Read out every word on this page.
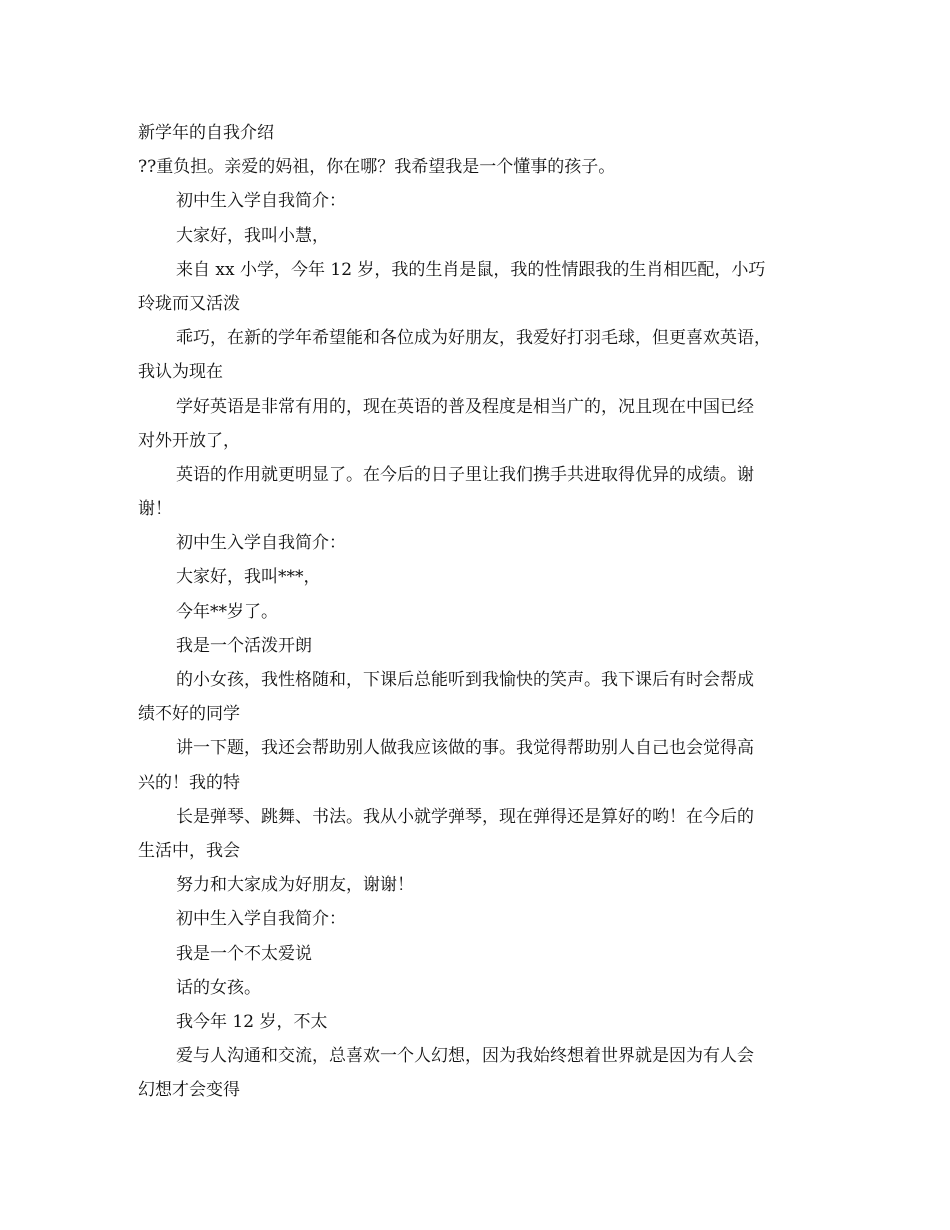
新学年的自我介绍
??重负担。亲爱的妈祖，你在哪？我希望我是一个懂事的孩子。
初中生入学自我简介：
大家好，我叫小慧，
来自 xx 小学，今年 12 岁，我的生肖是鼠，我的性情跟我的生肖相匹配，小巧
玲珑而又活泼
乖巧，在新的学年希望能和各位成为好朋友，我爱好打羽毛球，但更喜欢英语，
我认为现在
学好英语是非常有用的，现在英语的普及程度是相当广的，况且现在中国已经
对外开放了，
英语的作用就更明显了。在今后的日子里让我们携手共进取得优异的成绩。谢
谢！
初中生入学自我简介：
大家好，我叫***，
今年**岁了。
我是一个活泼开朗
的小女孩，我性格随和，下课后总能听到我愉快的笑声。我下课后有时会帮成
绩不好的同学
讲一下题，我还会帮助别人做我应该做的事。我觉得帮助别人自己也会觉得高
兴的！我的特
长是弹琴、跳舞、书法。我从小就学弹琴，现在弹得还是算好的哟！在今后的
生活中，我会
努力和大家成为好朋友，谢谢！
初中生入学自我简介：
我是一个不太爱说
话的女孩。
我今年 12 岁，不太
爱与人沟通和交流，总喜欢一个人幻想，因为我始终想着世界就是因为有人会
幻想才会变得
